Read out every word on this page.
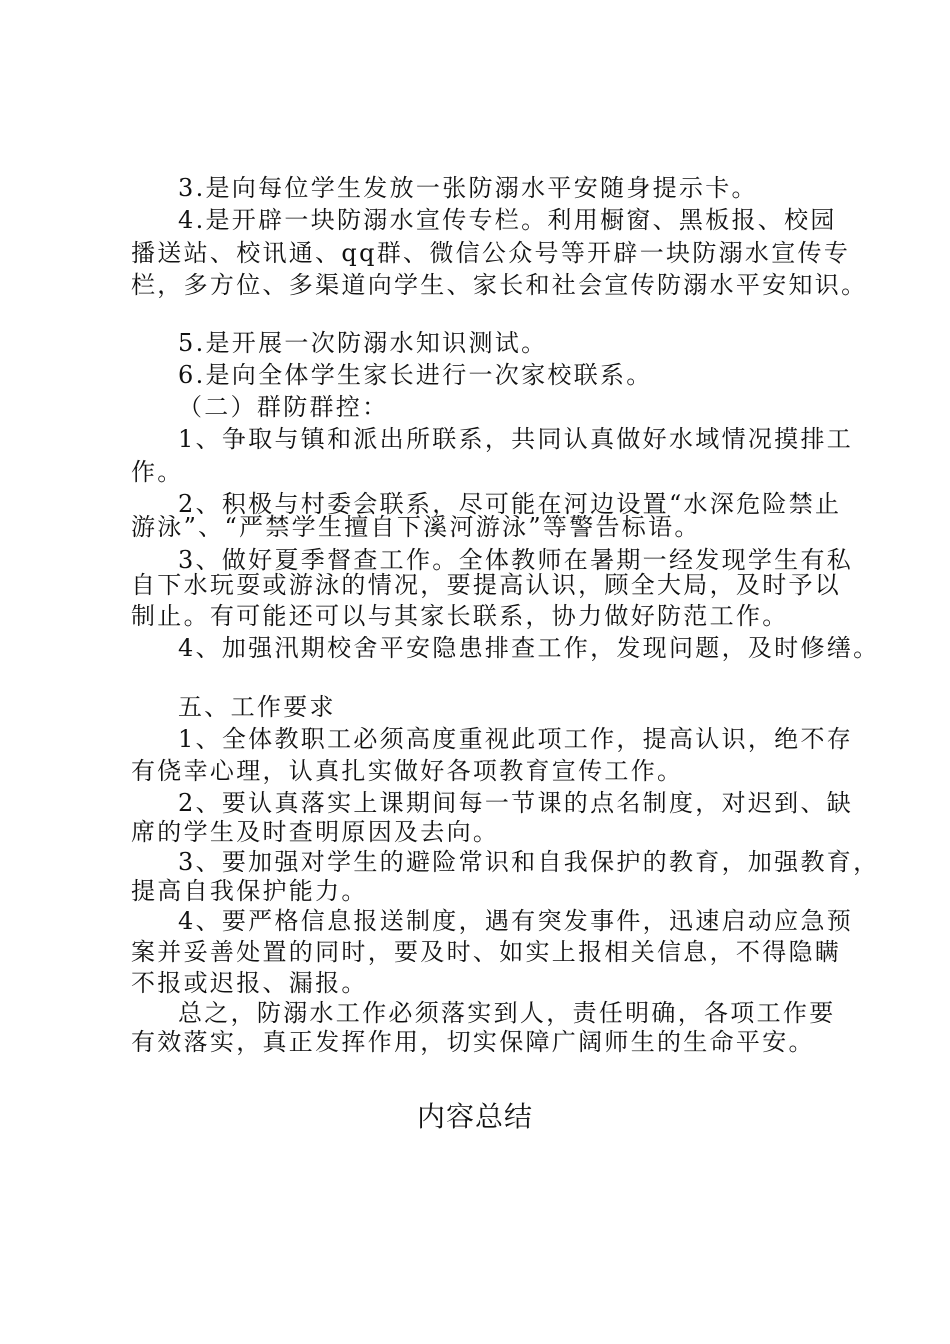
3.是向每位学生发放一张防溺水平安随身提示卡。
4.是开辟一块防溺水宣传专栏。利用橱窗、黑板报、校园
播送站、校讯通、qq群、微信公众号等开辟一块防溺水宣传专
栏，多方位、多渠道向学生、家长和社会宣传防溺水平安知识。
5.是开展一次防溺水知识测试。
6.是向全体学生家长进行一次家校联系。
（二）群防群控：
1、争取与镇和派出所联系，共同认真做好水域情况摸排工
作。
2、积极与村委会联系，尽可能在河边设置“水深危险禁止
游泳”、“严禁学生擅自下溪河游泳”等警告标语。
3、做好夏季督查工作。全体教师在暑期一经发现学生有私
自下水玩耍或游泳的情况，要提高认识，顾全大局，及时予以
制止。有可能还可以与其家长联系，协力做好防范工作。
4、加强汛期校舍平安隐患排查工作，发现问题，及时修缮。
五、工作要求
1、全体教职工必须高度重视此项工作，提高认识，绝不存
有侥幸心理，认真扎实做好各项教育宣传工作。
2、要认真落实上课期间每一节课的点名制度，对迟到、缺
席的学生及时查明原因及去向。
3、要加强对学生的避险常识和自我保护的教育，加强教育，
提高自我保护能力。
4、要严格信息报送制度，遇有突发事件，迅速启动应急预
案并妥善处置的同时，要及时、如实上报相关信息，不得隐瞒
不报或迟报、漏报。
总之，防溺水工作必须落实到人，责任明确，各项工作要
有效落实，真正发挥作用，切实保障广阔师生的生命平安。
内容总结
